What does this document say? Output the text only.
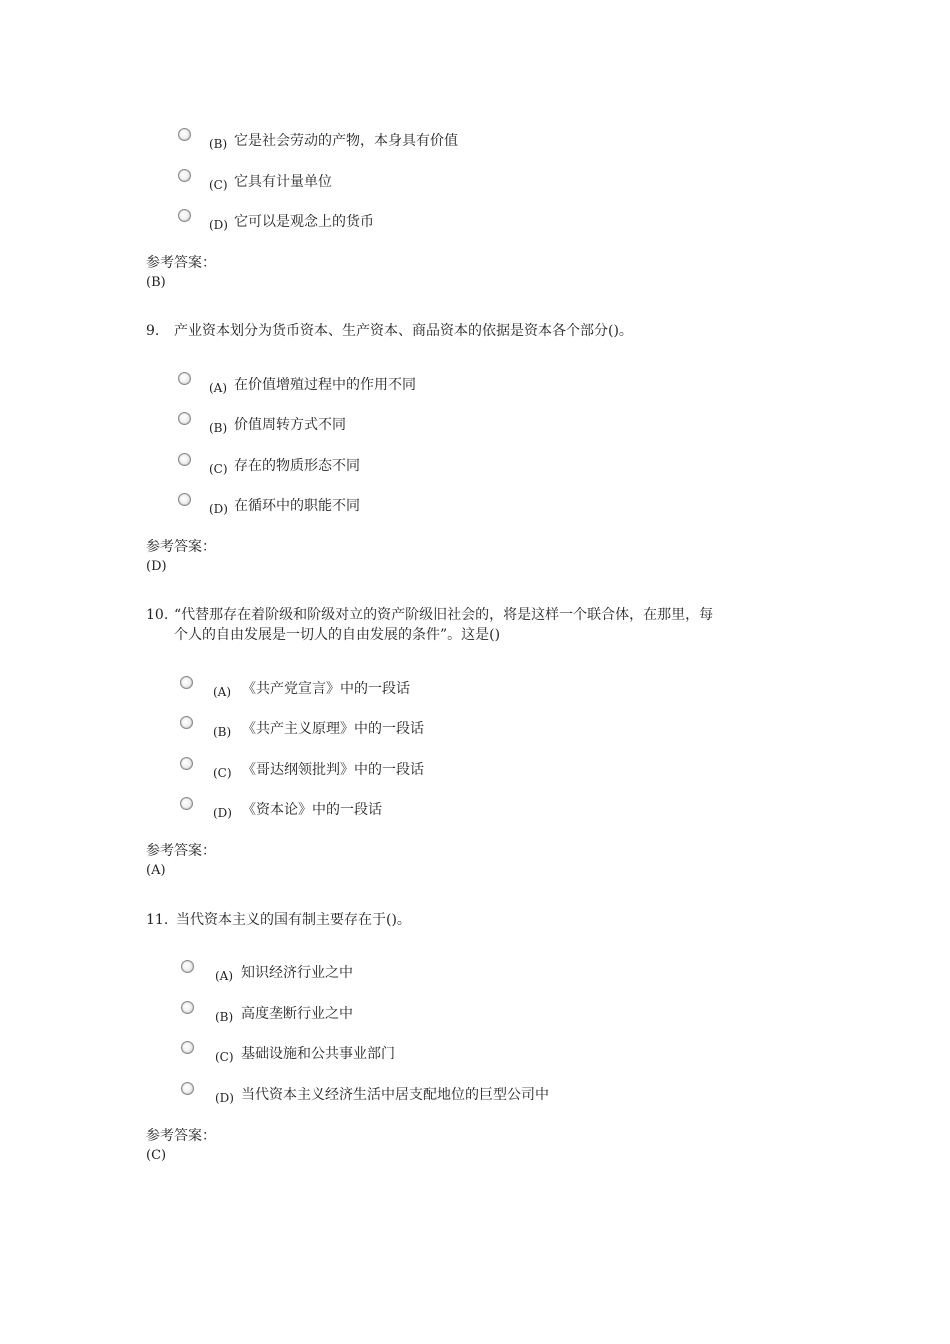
(B) 它是社会劳动的产物，本身具有价值
(C) 它具有计量单位
(D) 它可以是观念上的货币
参考答案：
(B)
9. 产业资本划分为货币资本、生产资本、商品资本的依据是资本各个部分()。
(A) 在价值增殖过程中的作用不同
(B) 价值周转方式不同
(C) 存在的物质形态不同
(D) 在循环中的职能不同
参考答案：
(D)
10. “代替那存在着阶级和阶级对立的资产阶级旧社会的，将是这样一个联合体，在那里，每
个人的自由发展是一切人的自由发展的条件”。这是()
(A) 《共产党宣言》中的一段话
(B) 《共产主义原理》中的一段话
(C) 《哥达纲领批判》中的一段话
(D) 《资本论》中的一段话
参考答案：
(A)
11. 当代资本主义的国有制主要存在于()。
(A) 知识经济行业之中
(B) 高度垄断行业之中
(C) 基础设施和公共事业部门
(D) 当代资本主义经济生活中居支配地位的巨型公司中
参考答案：
(C)
